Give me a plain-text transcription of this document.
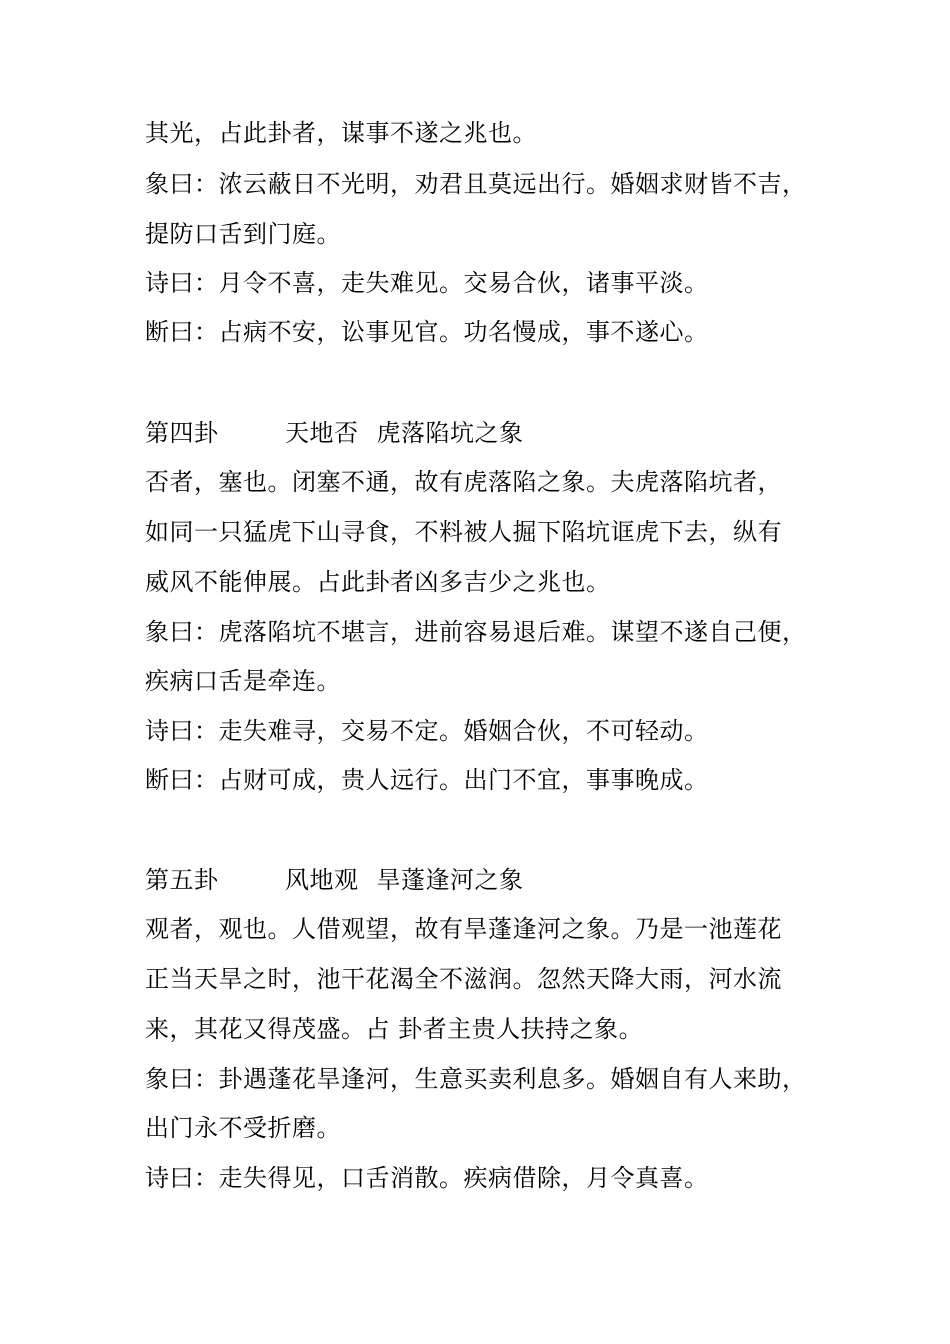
其光，占此卦者，谋事不遂之兆也。
象曰：浓云蔽日不光明，劝君且莫远出行。婚姻求财皆不吉，
提防口舌到门庭。
诗曰：月令不喜，走失难见。交易合伙，诸事平淡。
断曰：占病不安，讼事见官。功名慢成，事不遂心。
第四卦	天地否 虎落陷坑之象
否者，塞也。闭塞不通，故有虎落陷之象。夫虎落陷坑者，
如同一只猛虎下山寻食，不料被人掘下陷坑诓虎下去，纵有
威风不能伸展。占此卦者凶多吉少之兆也。
象曰：虎落陷坑不堪言，进前容易退后难。谋望不遂自己便，
疾病口舌是牵连。
诗曰：走失难寻，交易不定。婚姻合伙，不可轻动。
断曰：占财可成，贵人远行。出门不宜，事事晚成。
第五卦	风地观 旱蓬逢河之象
观者，观也。人借观望，故有旱蓬逢河之象。乃是一池莲花
正当天旱之时，池干花渴全不滋润。忽然天降大雨，河水流
来，其花又得茂盛。占 卦者主贵人扶持之象。
象曰：卦遇蓬花旱逢河，生意买卖利息多。婚姻自有人来助，
出门永不受折磨。
诗曰：走失得见，口舌消散。疾病借除，月令真喜。
